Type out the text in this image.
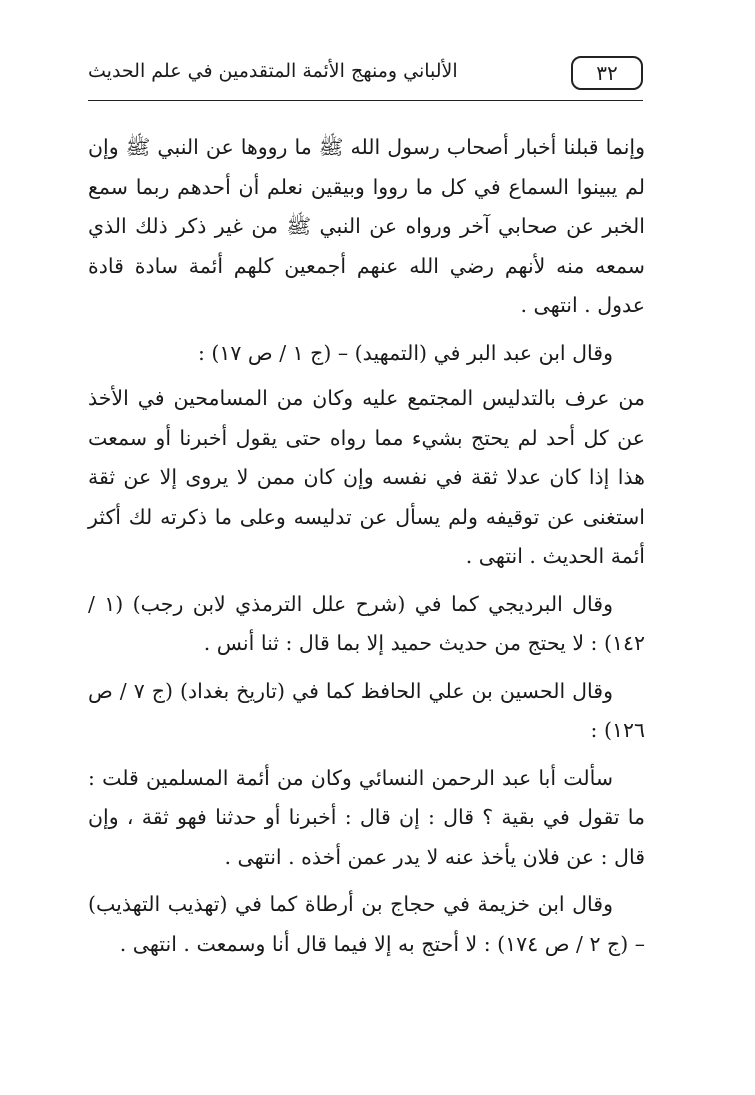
٣٢
الألباني ومنهج الأئمة المتقدمين في علم الحديث

وإنما قبلنا أخبار أصحاب رسول الله ﷺ ما رووها عن النبي ﷺ وإن لم يبينوا السماع في كل ما رووا وبيقين نعلم أن أحدهم ربما سمع الخبر عن صحابي آخر ورواه عن النبي ﷺ من غير ذكر ذلك الذي سمعه منه لأنهم رضي الله عنهم أجمعين كلهم أئمة سادة قادة عدول . انتهى .

وقال ابن عبد البر في (التمهيد) – (ج ١ / ص ١٧) :

من عرف بالتدليس المجتمع عليه وكان من المسامحين في الأخذ عن كل أحد لم يحتج بشيء مما رواه حتى يقول أخبرنا أو سمعت هذا إذا كان عدلا ثقة في نفسه وإن كان ممن لا يروى إلا عن ثقة استغنى عن توقيفه ولم يسأل عن تدليسه وعلى ما ذكرته لك أكثر أئمة الحديث . انتهى .

وقال البرديجي كما في (شرح علل الترمذي لابن رجب) (١ / ١٤٢) : لا يحتج من حديث حميد إلا بما قال : ثنا أنس .

وقال الحسين بن علي الحافظ كما في (تاريخ بغداد) (ج ٧ / ص ١٢٦) :

سألت أبا عبد الرحمن النسائي وكان من أئمة المسلمين قلت : ما تقول في بقية ؟ قال : إن قال : أخبرنا أو حدثنا فهو ثقة ، وإن قال : عن فلان يأخذ عنه لا يدر عمن أخذه . انتهى .

وقال ابن خزيمة في حجاج بن أرطاة كما في (تهذيب التهذيب) – (ج ٢ / ص ١٧٤) : لا أحتج به إلا فيما قال أنا وسمعت . انتهى .
